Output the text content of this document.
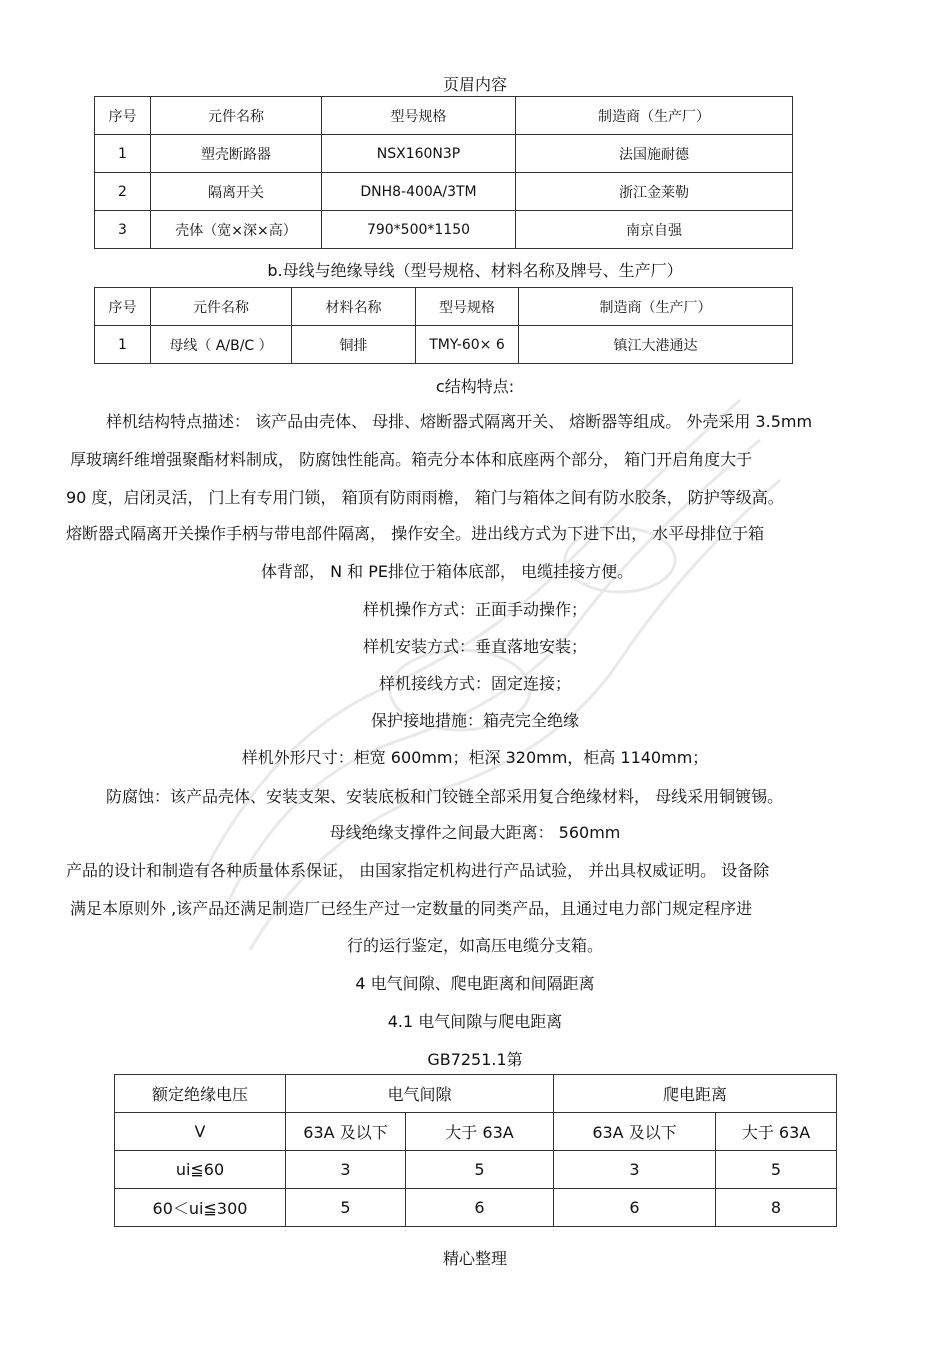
页眉内容
序号	元件名称	型号规格	制造商（生产厂）
1	塑壳断路器	NSX160N3P	法国施耐德
2	隔离开关	DNH8-400A/3TM	浙江金莱勒
3	壳体（宽×深×高）	790*500*1150	南京自强
b.母线与绝缘导线（型号规格、材料名称及牌号、生产厂）
序号	元件名称	材料名称	型号规格	制造商（生产厂）
1	母线（ A/B/C ）	铜排	TMY-60× 6	镇江大港通达
c结构特点:
样机结构特点描述： 该产品由壳体、 母排、熔断器式隔离开关、 熔断器等组成。 外壳采用 3.5mm
厚玻璃纤维增强聚酯材料制成， 防腐蚀性能高。箱壳分本体和底座两个部分， 箱门开启角度大于
90 度，启闭灵活， 门上有专用门锁， 箱顶有防雨雨檐， 箱门与箱体之间有防水胶条， 防护等级高。
熔断器式隔离开关操作手柄与带电部件隔离， 操作安全。进出线方式为下进下出， 水平母排位于箱
体背部， N 和 PE排位于箱体底部， 电缆挂接方便。
样机操作方式：正面手动操作；
样机安装方式：垂直落地安装；
样机接线方式：固定连接；
保护接地措施：箱壳完全绝缘
样机外形尺寸：柜宽 600mm；柜深 320mm，柜高 1140mm；
防腐蚀：该产品壳体、安装支架、安装底板和门铰链全部采用复合绝缘材料， 母线采用铜镀锡。
母线绝缘支撑件之间最大距离： 560mm
产品的设计和制造有各种质量体系保证， 由国家指定机构进行产品试验， 并出具权威证明。 设备除
满足本原则外 ,该产品还满足制造厂已经生产过一定数量的同类产品，且通过电力部门规定程序进
行的运行鉴定，如高压电缆分支箱。
4 电气间隙、爬电距离和间隔距离
4.1 电气间隙与爬电距离
GB7251.1第
额定绝缘电压	电气间隙		爬电距离	
V	63A 及以下	大于 63A	63A 及以下	大于 63A
ui≦60	3	5	3	5
60＜ui≦300	5	6	6	8
精心整理
